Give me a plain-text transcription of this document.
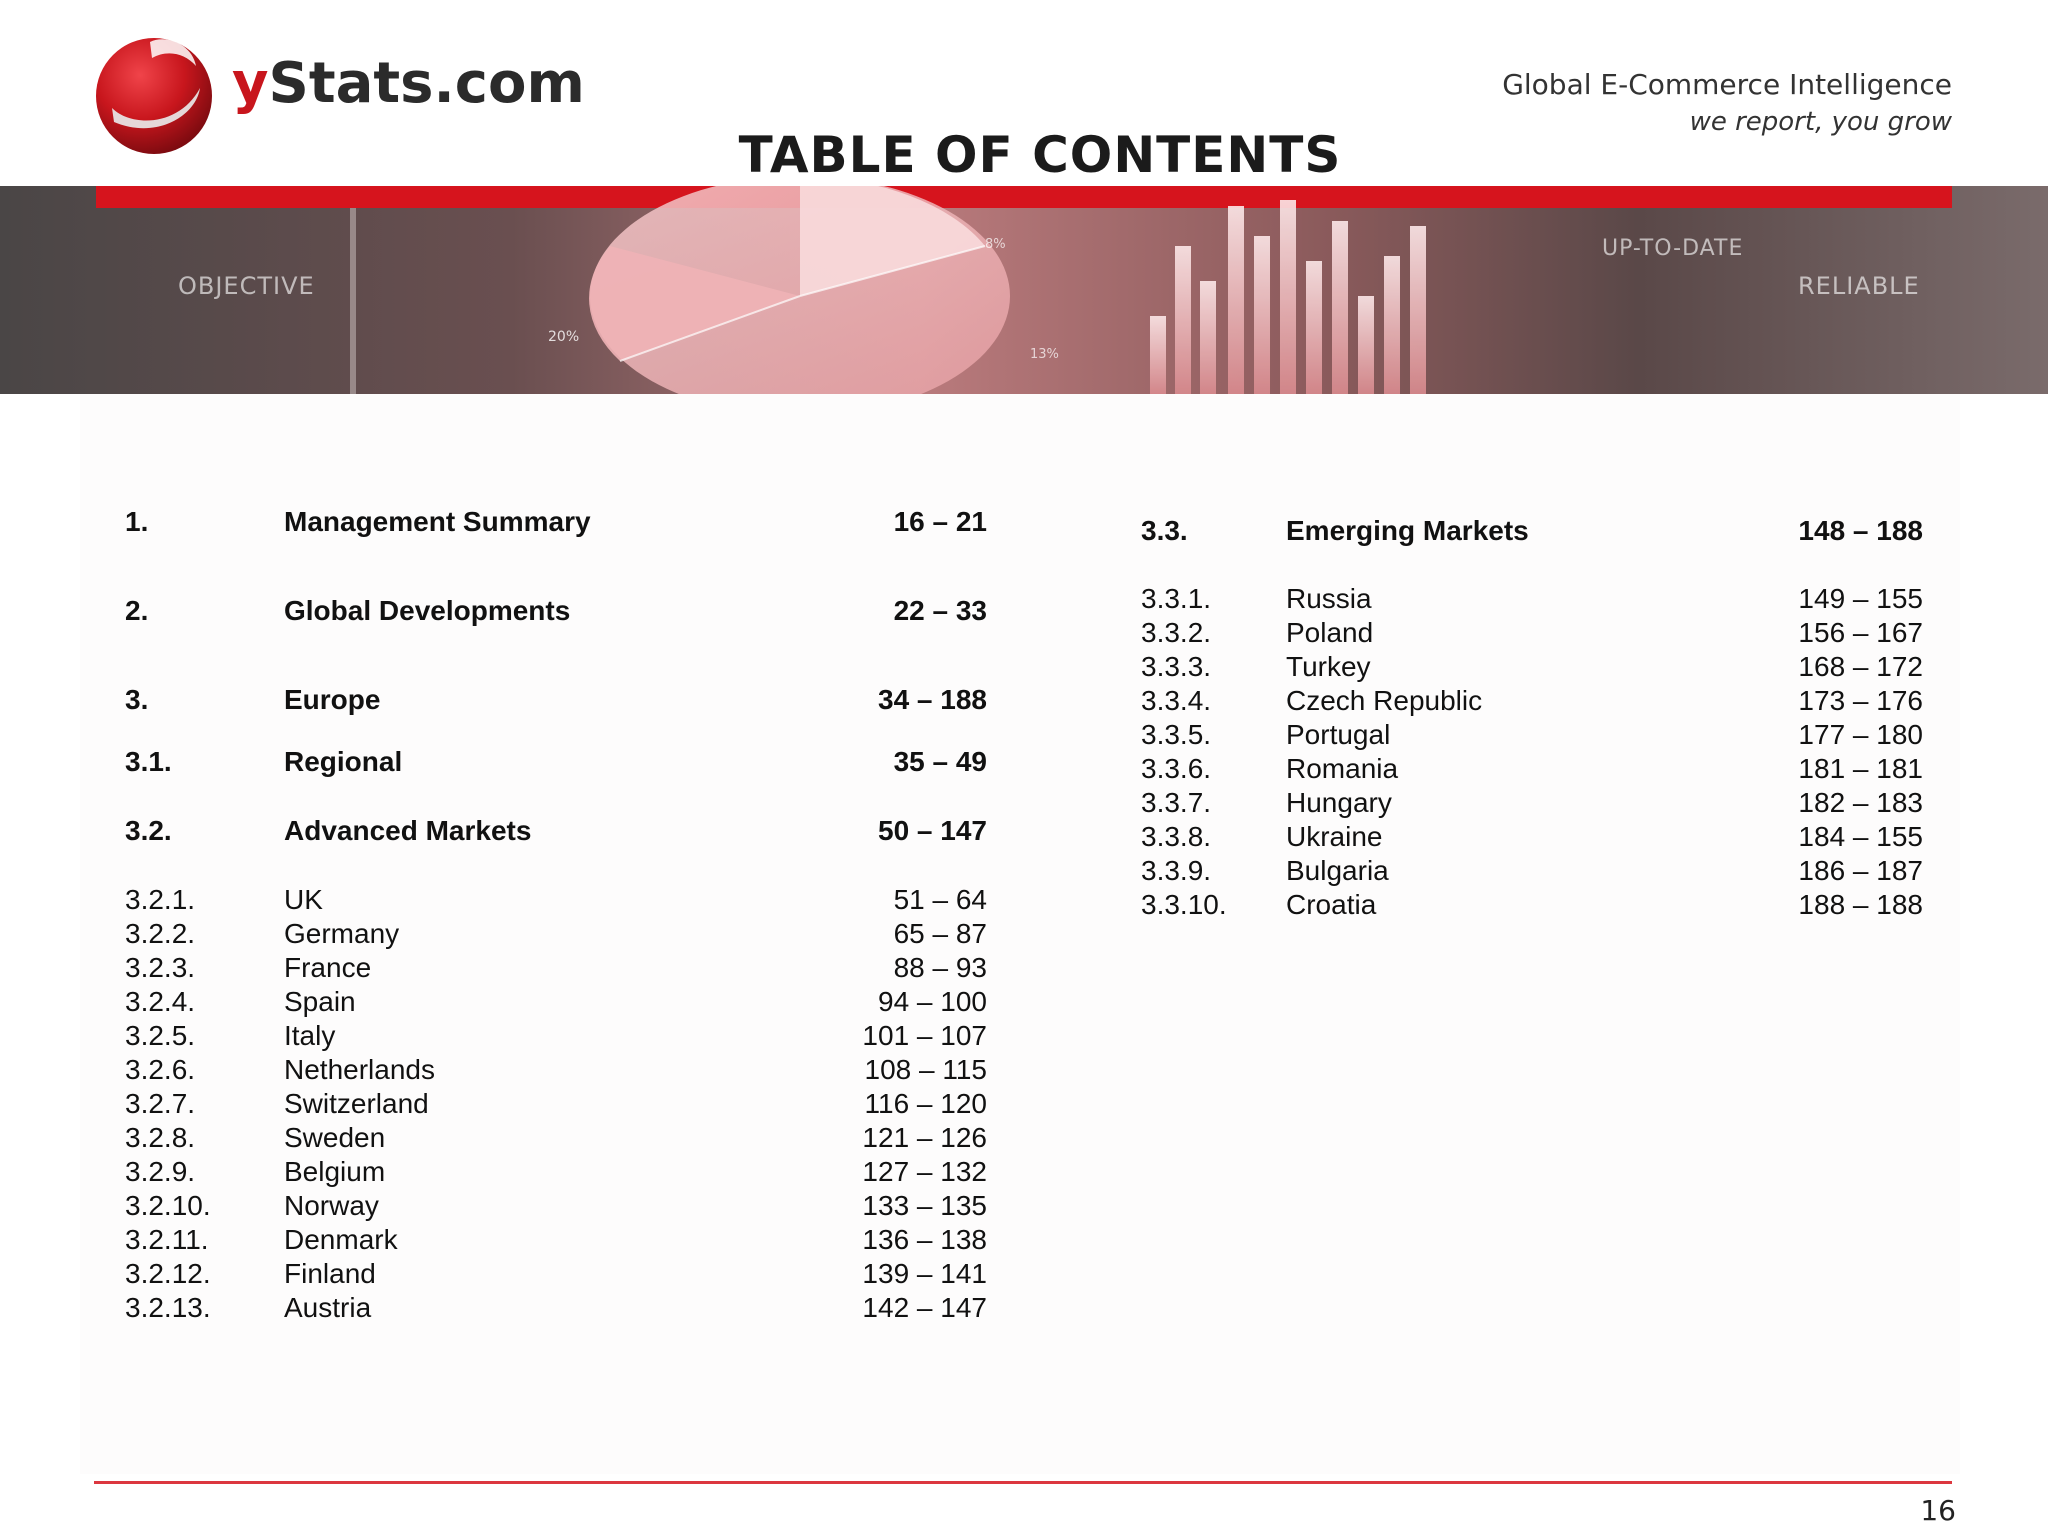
yStats.com	Global E-Commerce Intelligence
we report, you grow
TABLE OF CONTENTS
20%
8%
13%
OBJECTIVE
UP-TO-DATE
RELIABLE
1.	Management Summary	16 – 21
2.	Global Developments	22 – 33
3.	Europe	34 – 188
3.1.	Regional	35 – 49
3.2.	Advanced Markets	50 – 147
3.2.1.	UK	51 – 64
3.2.2.	Germany	65 – 87
3.2.3.	France	88 – 93
3.2.4.	Spain	94 – 100
3.2.5.	Italy	101 – 107
3.2.6.	Netherlands	108 – 115
3.2.7.	Switzerland	116 – 120
3.2.8.	Sweden	121 – 126
3.2.9.	Belgium	127 – 132
3.2.10.	Norway	133 – 135
3.2.11.	Denmark	136 – 138
3.2.12.	Finland	139 – 141
3.2.13.	Austria	142 – 147
3.3.	Emerging Markets	148 – 188
3.3.1.	Russia	149 – 155
3.3.2.	Poland	156 – 167
3.3.3.	Turkey	168 – 172
3.3.4.	Czech Republic	173 – 176
3.3.5.	Portugal	177 – 180
3.3.6.	Romania	181 – 181
3.3.7.	Hungary	182 – 183
3.3.8.	Ukraine	184 – 155
3.3.9.	Bulgaria	186 – 187
3.3.10. Croatia	188 – 188
16
